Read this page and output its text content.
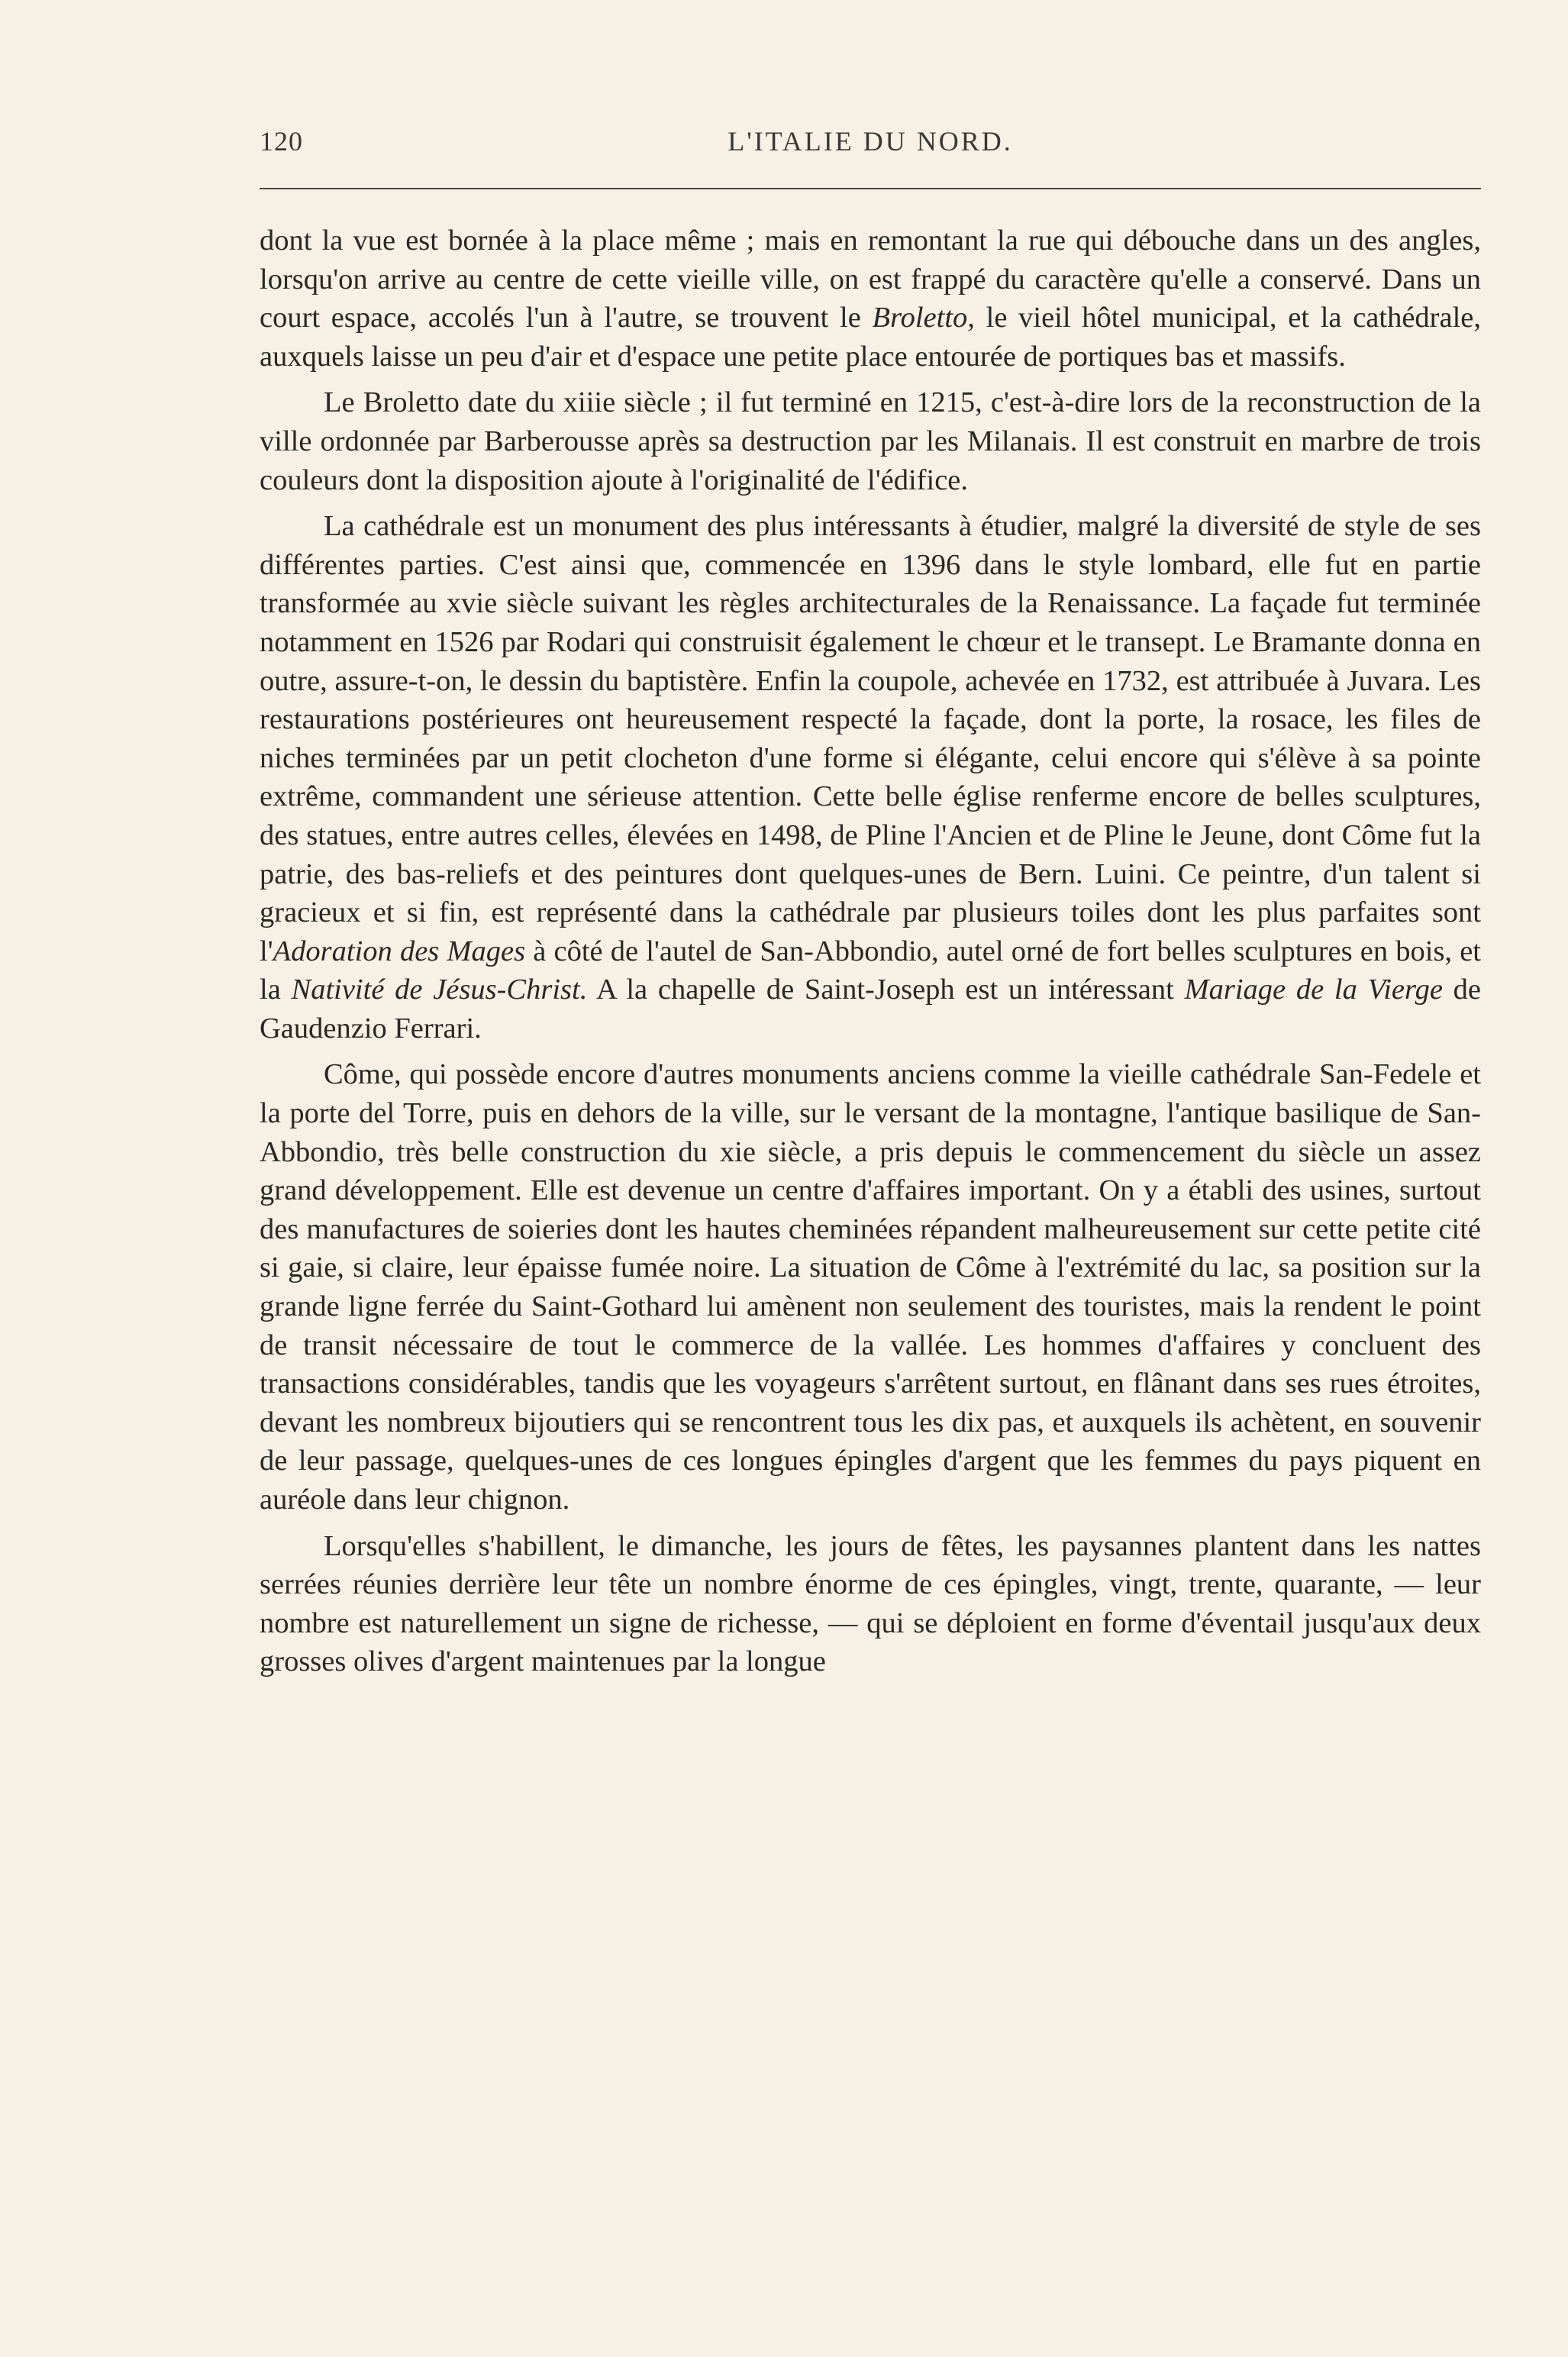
120	L'ITALIE DU NORD.

dont la vue est bornée à la place même ; mais en remontant la rue qui débouche dans un des angles, lorsqu'on arrive au centre de cette vieille ville, on est frappé du caractère qu'elle a conservé. Dans un court espace, accolés l'un à l'autre, se trouvent le Broletto, le vieil hôtel municipal, et la cathédrale, auxquels laisse un peu d'air et d'espace une petite place entourée de portiques bas et massifs.

Le Broletto date du xiiie siècle ; il fut terminé en 1215, c'est-à-dire lors de la reconstruction de la ville ordonnée par Barberousse après sa destruction par les Milanais. Il est construit en marbre de trois couleurs dont la disposition ajoute à l'originalité de l'édifice.

La cathédrale est un monument des plus intéressants à étudier, malgré la diversité de style de ses différentes parties. C'est ainsi que, commencée en 1396 dans le style lombard, elle fut en partie transformée au xvie siècle suivant les règles architecturales de la Renaissance. La façade fut terminée notamment en 1526 par Rodari qui construisit également le chœur et le transept. Le Bramante donna en outre, assure-t-on, le dessin du baptistère. Enfin la coupole, achevée en 1732, est attribuée à Juvara. Les restaurations postérieures ont heureusement respecté la façade, dont la porte, la rosace, les files de niches terminées par un petit clocheton d'une forme si élégante, celui encore qui s'élève à sa pointe extrême, commandent une sérieuse attention. Cette belle église renferme encore de belles sculptures, des statues, entre autres celles, élevées en 1498, de Pline l'Ancien et de Pline le Jeune, dont Côme fut la patrie, des bas-reliefs et des peintures dont quelques-unes de Bern. Luini. Ce peintre, d'un talent si gracieux et si fin, est représenté dans la cathédrale par plusieurs toiles dont les plus parfaites sont l'Adoration des Mages à côté de l'autel de San-Abbondio, autel orné de fort belles sculptures en bois, et la Nativité de Jésus-Christ. A la chapelle de Saint-Joseph est un intéressant Mariage de la Vierge de Gaudenzio Ferrari.

Côme, qui possède encore d'autres monuments anciens comme la vieille cathédrale San-Fedele et la porte del Torre, puis en dehors de la ville, sur le versant de la montagne, l'antique basilique de San-Abbondio, très belle construction du xie siècle, a pris depuis le commencement du siècle un assez grand développement. Elle est devenue un centre d'affaires important. On y a établi des usines, surtout des manufactures de soieries dont les hautes cheminées répandent malheureusement sur cette petite cité si gaie, si claire, leur épaisse fumée noire. La situation de Côme à l'extrémité du lac, sa position sur la grande ligne ferrée du Saint-Gothard lui amènent non seulement des touristes, mais la rendent le point de transit nécessaire de tout le commerce de la vallée. Les hommes d'affaires y concluent des transactions considérables, tandis que les voyageurs s'arrêtent surtout, en flânant dans ses rues étroites, devant les nombreux bijoutiers qui se rencontrent tous les dix pas, et auxquels ils achètent, en souvenir de leur passage, quelques-unes de ces longues épingles d'argent que les femmes du pays piquent en auréole dans leur chignon.

Lorsqu'elles s'habillent, le dimanche, les jours de fêtes, les paysannes plantent dans les nattes serrées réunies derrière leur tête un nombre énorme de ces épingles, vingt, trente, quarante, — leur nombre est naturellement un signe de richesse, — qui se déploient en forme d'éventail jusqu'aux deux grosses olives d'argent maintenues par la longue
